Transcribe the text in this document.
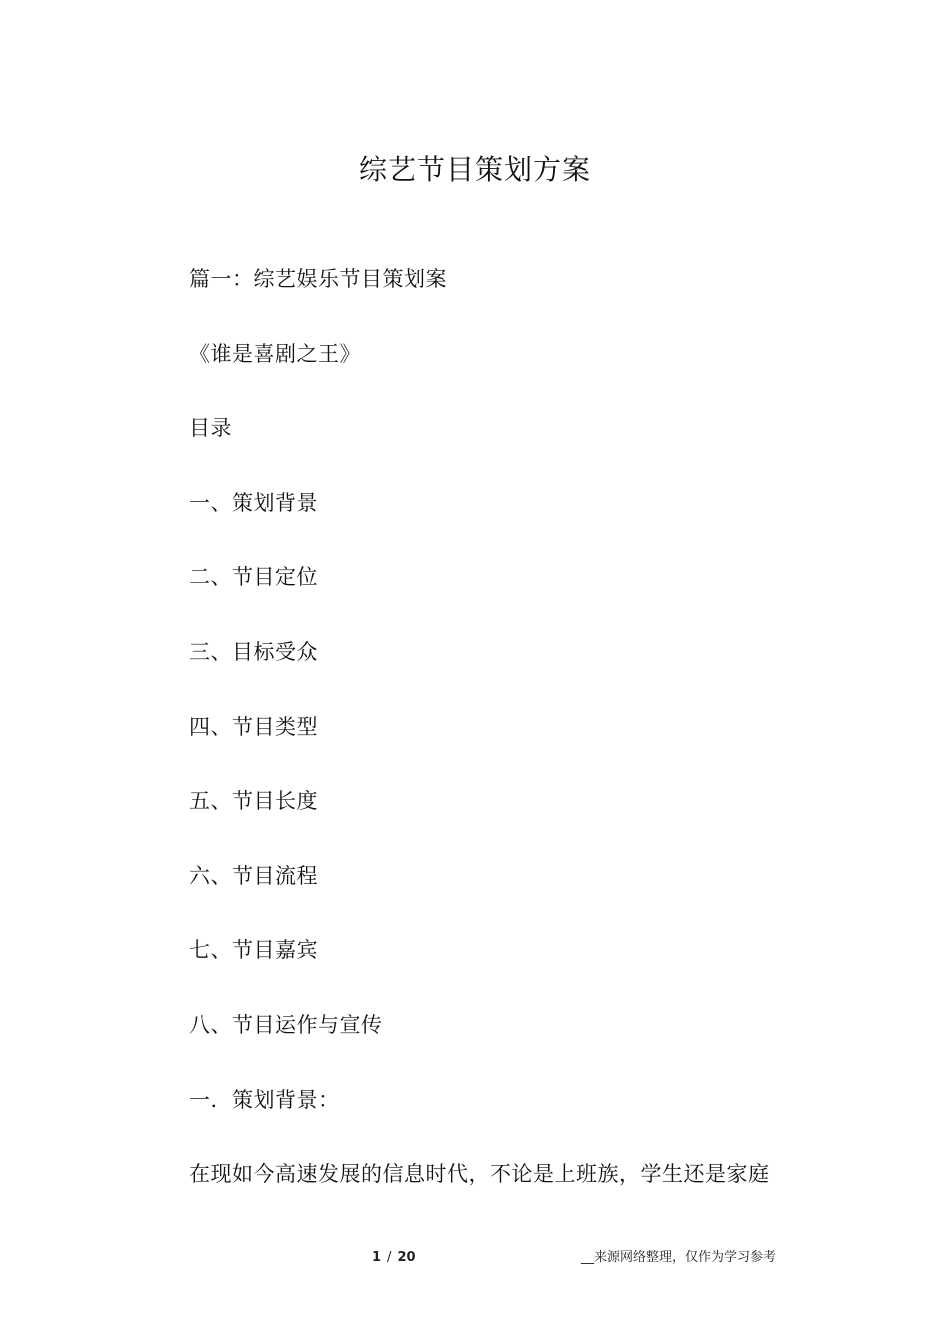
综艺节目策划方案
篇一：综艺娱乐节目策划案
《谁是喜剧之王》
目录
一、策划背景
二、节目定位
三、目标受众
四、节目类型
五、节目长度
六、节目流程
七、节目嘉宾
八、节目运作与宣传
一．策划背景：
在现如今高速发展的信息时代，不论是上班族，学生还是家庭
1 / 20	__来源网络整理，仅作为学习参考
